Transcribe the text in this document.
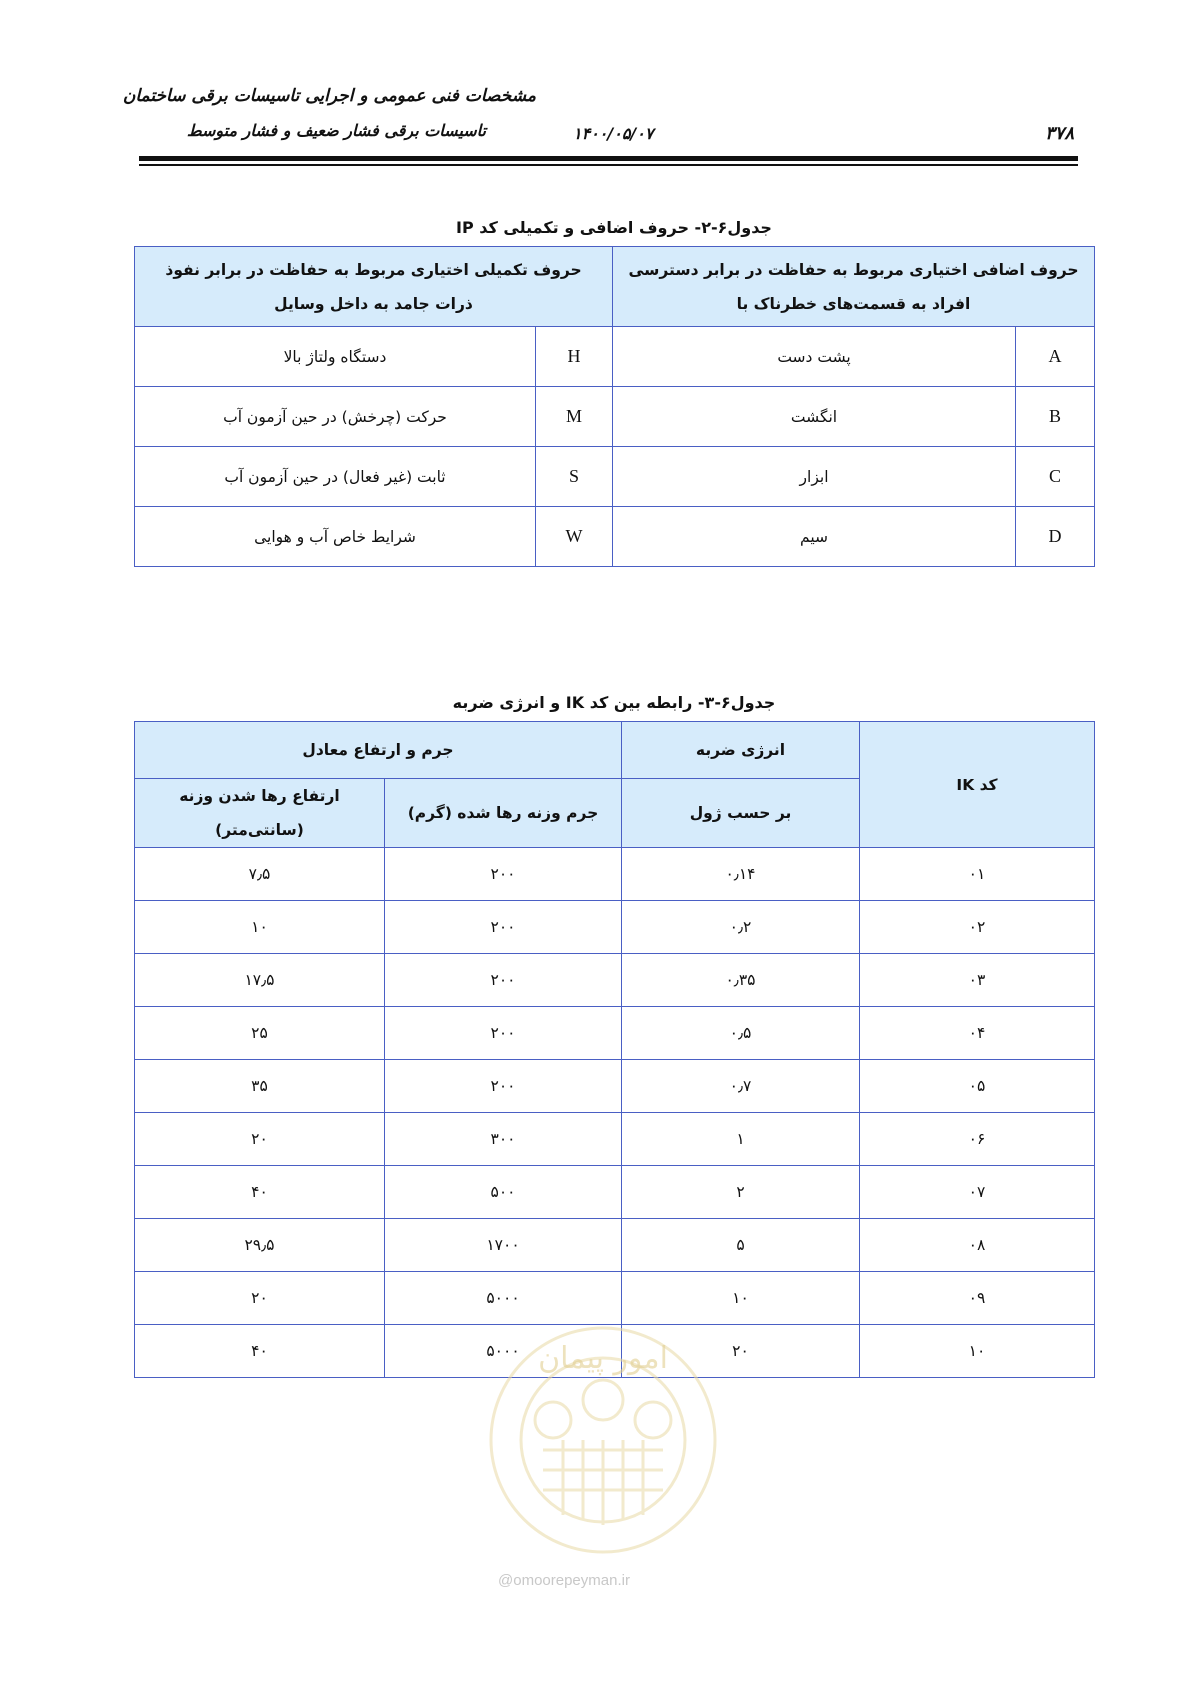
مشخصات فنی عمومی و اجرایی تاسیسات برقی ساختمان
تاسیسات برقی فشار ضعیف و فشار متوسط	۱۴۰۰/۰۵/۰۷	۳۷۸
جدول۶-۲- حروف اضافی و تکمیلی کد IP
حروف تکمیلی اختیاری مربوط به حفاظت در برابر نفوذ ذرات جامد به داخل وسایل		حروف اضافی اختیاری مربوط به حفاظت در برابر دسترسی افراد به قسمت‌های خطرناک با	
دستگاه ولتاژ بالا	H	پشت دست	A
حرکت (چرخش) در حین آزمون آب	M	انگشت	B
ثابت (غیر فعال) در حین آزمون آب	S	ابزار	C
شرایط خاص آب و هوایی	W	سیم	D
جدول۶-۳- رابطه بین کد IK و انرژی ضربه
جرم و ارتفاع معادل		انرژی ضربه	کد IK
ارتفاع رها شدن وزنه (سانتی‌متر)	جرم وزنه رها شده (گرم)	بر حسب ژول	
۷٫۵	۲۰۰	۰٫۱۴	۰۱
۱۰	۲۰۰	۰٫۲	۰۲
۱۷٫۵	۲۰۰	۰٫۳۵	۰۳
۲۵	۲۰۰	۰٫۵	۰۴
۳۵	۲۰۰	۰٫۷	۰۵
۲۰	۳۰۰	۱	۰۶
۴۰	۵۰۰	۲	۰۷
۲۹٫۵	۱۷۰۰	۵	۰۸
۲۰	۵۰۰۰	۱۰	۰۹
۴۰	۵۰۰۰	۲۰	۱۰
امور پیمان
@omoorepeyman.ir
